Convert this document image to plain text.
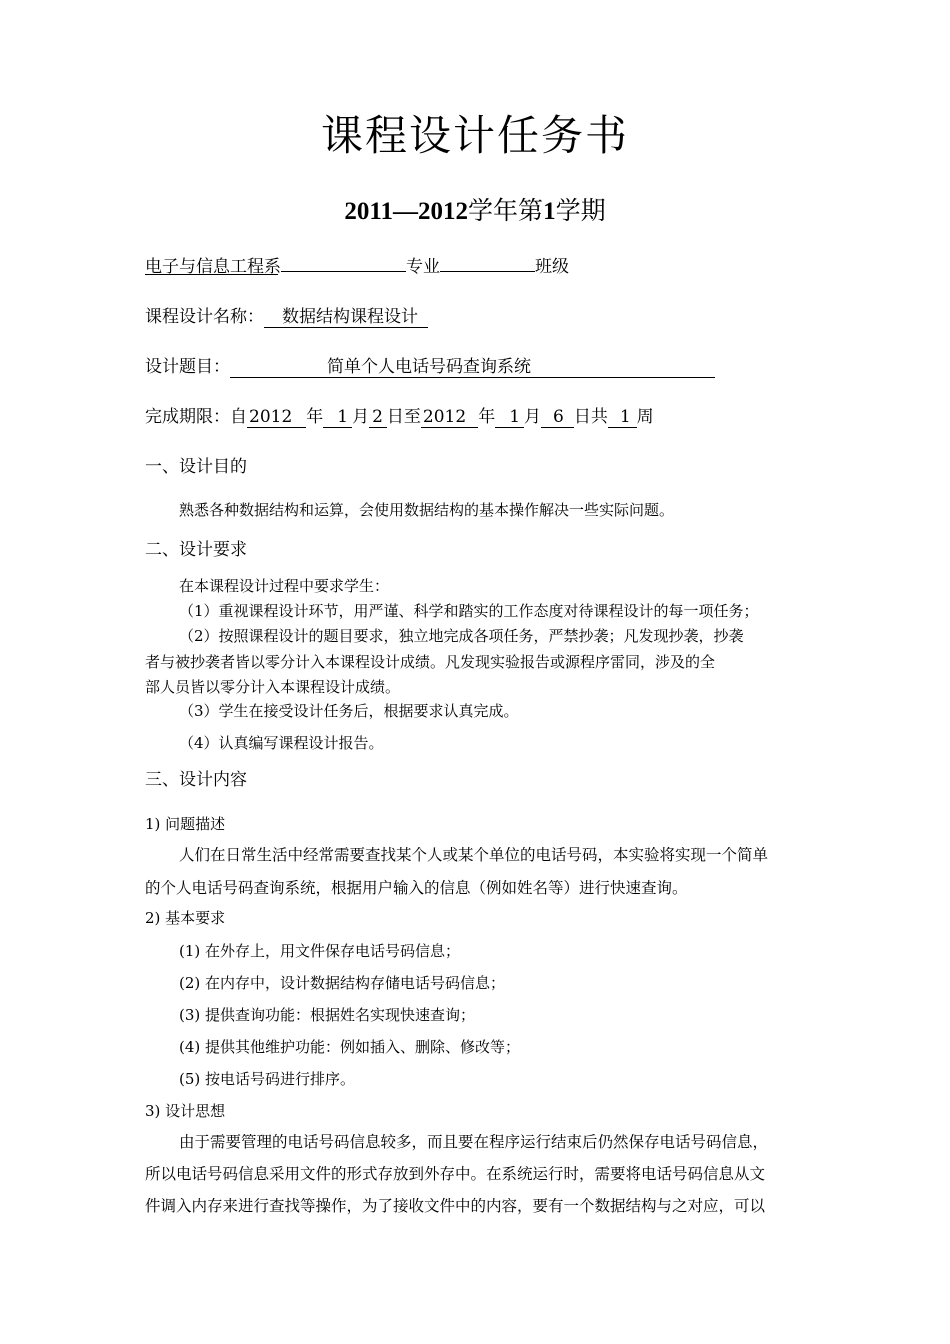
课程设计任务书
2011—2012学年第1学期
电子与信息工程系	专业	班级
课程设计名称： 数据结构课程设计
设计题目：	简单个人电话号码查询系统
完成期限：自 2012 年 1 月 2 日至 2012 年 1 月 6 日共 1 周
一、设计目的
熟悉各种数据结构和运算，会使用数据结构的基本操作解决一些实际问题。
二、设计要求
在本课程设计过程中要求学生：
（1）重视课程设计环节，用严谨、科学和踏实的工作态度对待课程设计的每一项任务；
（2）按照课程设计的题目要求，独立地完成各项任务，严禁抄袭；凡发现抄袭，抄袭
者与被抄袭者皆以零分计入本课程设计成绩。凡发现实验报告或源程序雷同，涉及的全
部人员皆以零分计入本课程设计成绩。
（3）学生在接受设计任务后，根据要求认真完成。
（4）认真编写课程设计报告。
三、设计内容
1) 问题描述
人们在日常生活中经常需要查找某个人或某个单位的电话号码，本实验将实现一个简单
的个人电话号码查询系统，根据用户输入的信息（例如姓名等）进行快速查询。
2) 基本要求
(1) 在外存上，用文件保存电话号码信息；
(2) 在内存中，设计数据结构存储电话号码信息；
(3) 提供查询功能：根据姓名实现快速查询；
(4) 提供其他维护功能：例如插入、删除、修改等；
(5) 按电话号码进行排序。
3) 设计思想
由于需要管理的电话号码信息较多，而且要在程序运行结束后仍然保存电话号码信息，
所以电话号码信息采用文件的形式存放到外存中。在系统运行时，需要将电话号码信息从文
件调入内存来进行查找等操作，为了接收文件中的内容，要有一个数据结构与之对应，可以
